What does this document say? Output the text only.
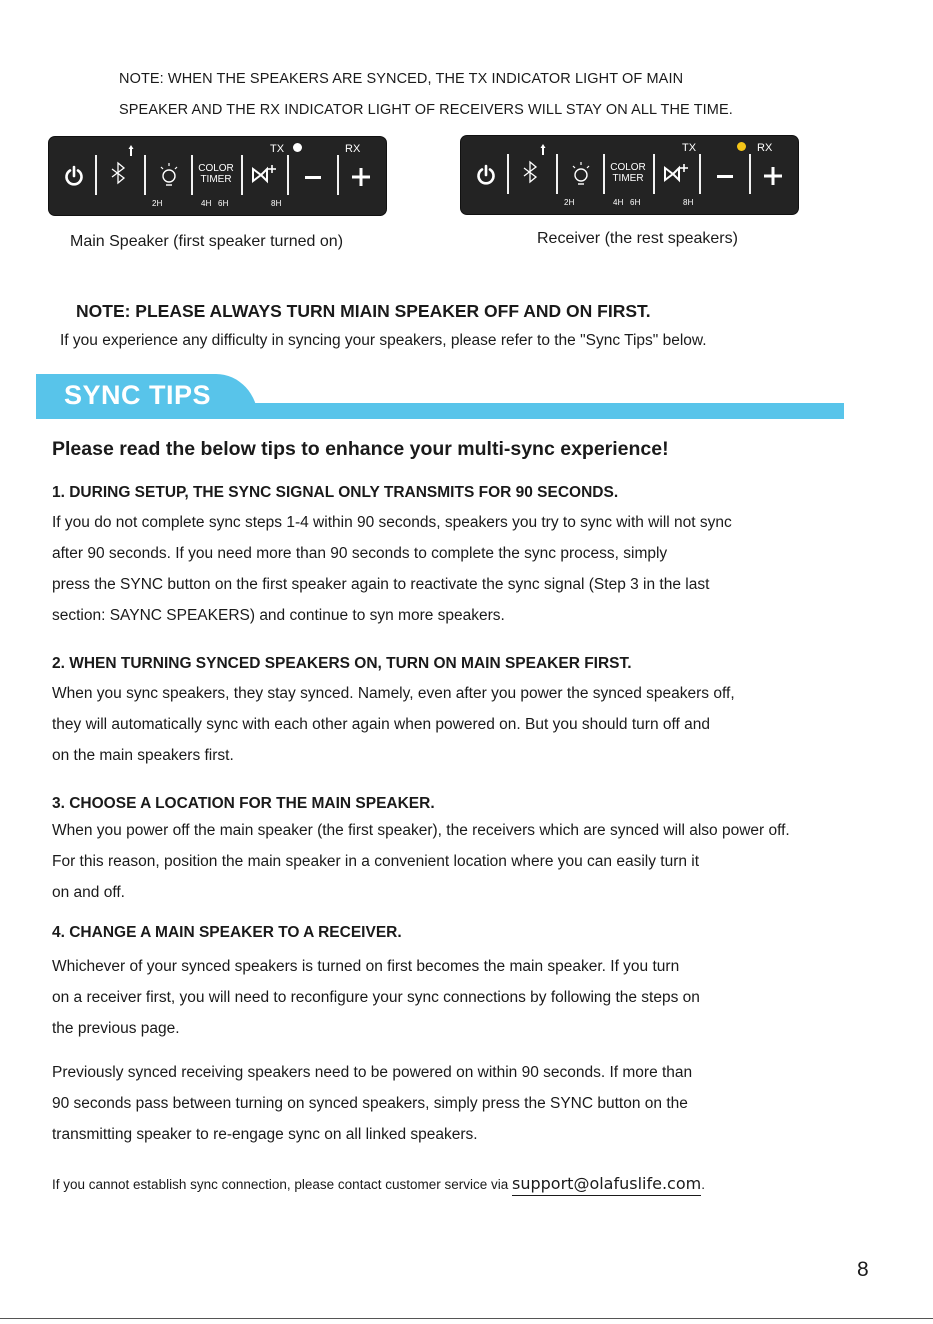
NOTE: WHEN THE SPEAKERS ARE SYNCED, THE TX INDICATOR LIGHT OF MAIN
SPEAKER AND THE RX INDICATOR LIGHT OF RECEIVERS WILL STAY ON ALL THE TIME.
COLOR
TIMER
TX	RX
2H	4H 6H	8H
Main Speaker (first speaker turned on)
COLOR
TIMER
TX	RX
2H	4H 6H	8H
Receiver (the rest speakers)
NOTE: PLEASE ALWAYS TURN MIAIN SPEAKER OFF AND ON FIRST.
If you experience any difficulty in syncing your speakers, please refer to the "Sync Tips" below.
SYNC TIPS
Please read the below tips to enhance your multi-sync experience!
1. DURING SETUP, THE SYNC SIGNAL ONLY TRANSMITS FOR 90 SECONDS.
If you do not complete sync steps 1-4 within 90 seconds, speakers you try to sync with will not sync
after 90 seconds. If you need more than 90 seconds to complete the sync process, simply
press the SYNC button on the first speaker again to reactivate the sync signal (Step 3 in the last
section: SAYNC SPEAKERS) and continue to syn more speakers.
2. WHEN TURNING SYNCED SPEAKERS ON, TURN ON MAIN SPEAKER FIRST.
When you sync speakers, they stay synced. Namely, even after you power the synced speakers off,
they will automatically sync with each other again when powered on. But you should turn off and
on the main speakers first.
3. CHOOSE A LOCATION FOR THE MAIN SPEAKER.
When you power off the main speaker (the first speaker), the receivers which are synced will also power off.
For this reason, position the main speaker in a convenient location where you can easily turn it
on and off.
4. CHANGE A MAIN SPEAKER TO A RECEIVER.
Whichever of your synced speakers is turned on first becomes the main speaker. If you turn
on a receiver first, you will need to reconfigure your sync connections by following the steps on
the previous page.
Previously synced receiving speakers need to be powered on within 90 seconds. If more than
90 seconds pass between turning on synced speakers, simply press the SYNC button on the
transmitting speaker to re-engage sync on all linked speakers.
If you cannot establish sync connection, please contact customer service via support@olafuslife.com.
8
